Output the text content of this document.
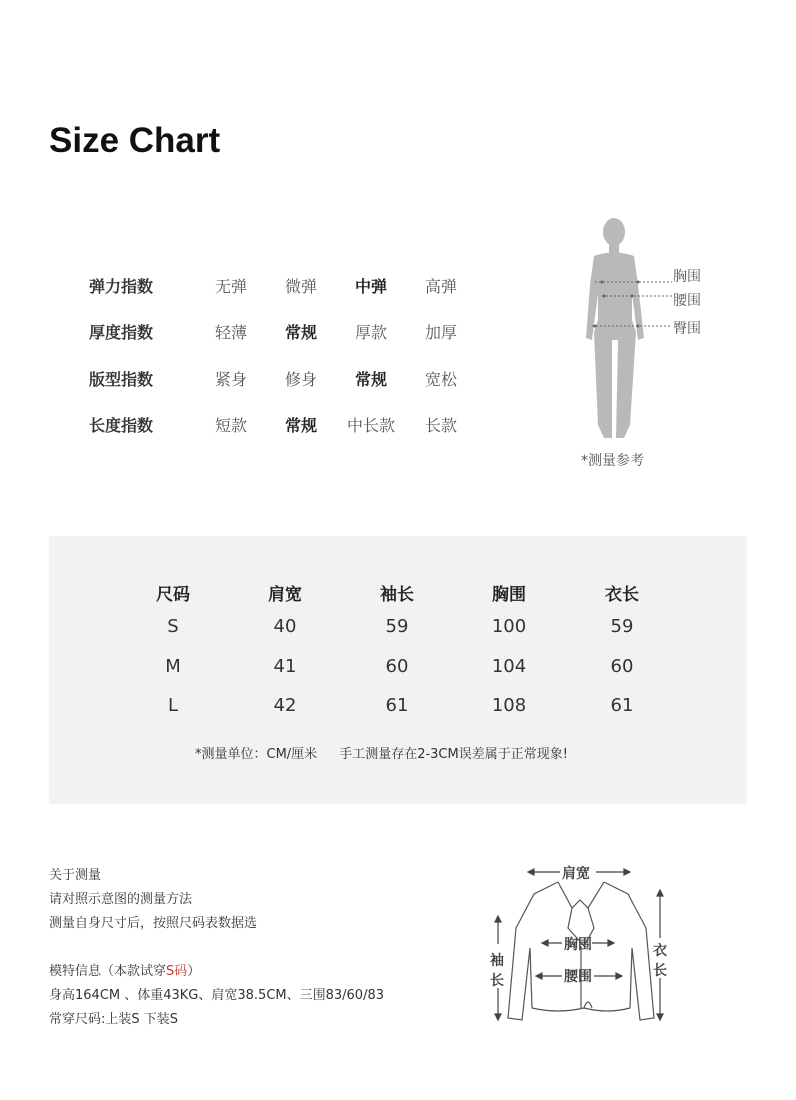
Size Chart
弹力指数	无弹 微弹 中弹 高弹
厚度指数	轻薄 常规 厚款 加厚
版型指数	紧身 修身 常规 宽松
长度指数	短款 常规 中长款 长款
胸围
腰围
臀围
*测量参考
尺码	肩宽	袖长	胸围	衣长
S	40	59	100	59
M	41	60	104	60
L	42	61	108	61
*测量单位：CM/厘米 手工测量存在2-3CM误差属于正常现象!
关于测量
请对照示意图的测量方法
测量自身尺寸后，按照尺码表数据选
模特信息（本款试穿S码）
身高164CM 、体重43KG、肩宽38.5CM、三围83/60/83
常穿尺码:上装S 下装S
肩宽
袖
长
胸围
腰围
衣
长
